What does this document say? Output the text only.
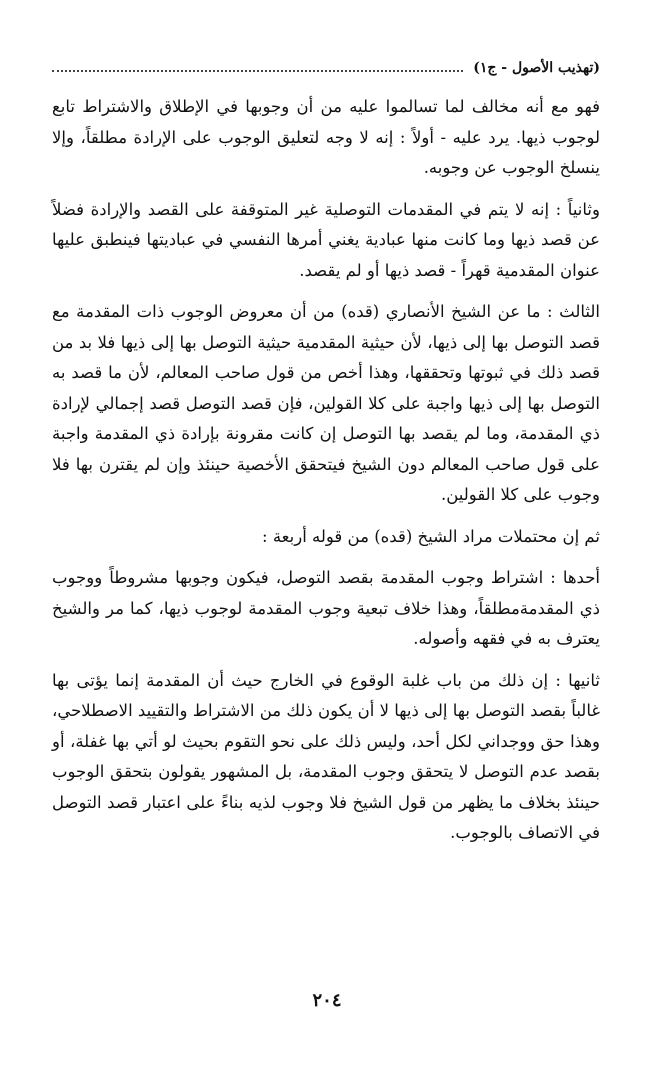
(تهذيب الأصول - ج١)

فهو مع أنه مخالف لما تسالموا عليه من أن وجوبها في الإطلاق والاشتراط تابع لوجوب ذيها. يرد عليه - أولاً : إنه لا وجه لتعليق الوجوب على الإرادة مطلقاً، وإلا ينسلخ الوجوب عن وجوبه.

وثانياً : إنه لا يتم في المقدمات التوصلية غير المتوقفة على القصد والإرادة فضلاً عن قصد ذيها وما كانت منها عبادية يغني أمرها النفسي في عباديتها فينطبق عليها عنوان المقدمية قهراً - قصد ذيها أو لم يقصد.

الثالث : ما عن الشيخ الأنصاري (قده) من أن معروض الوجوب ذات المقدمة مع قصد التوصل بها إلى ذيها، لأن حيثية المقدمية حيثية التوصل بها إلى ذيها فلا بد من قصد ذلك في ثبوتها وتحققها، وهذا أخص من قول صاحب المعالم، لأن ما قصد به التوصل بها إلى ذيها واجبة على كلا القولين، فإن قصد التوصل قصد إجمالي لإرادة ذي المقدمة، وما لم يقصد بها التوصل إن كانت مقرونة بإرادة ذي المقدمة واجبة على قول صاحب المعالم دون الشيخ فيتحقق الأخصية حينئذ وإن لم يقترن بها فلا وجوب على كلا القولين.

ثم إن محتملات مراد الشيخ (قده) من قوله أربعة :

أحدها : اشتراط وجوب المقدمة بقصد التوصل، فيكون وجوبها مشروطاً ووجوب ذي المقدمةمطلقاً، وهذا خلاف تبعية وجوب المقدمة لوجوب ذيها، كما مر والشيخ يعترف به في فقهه وأصوله.

ثانيها : إن ذلك من باب غلبة الوقوع في الخارج حيث أن المقدمة إنما يؤتى بها غالباً بقصد التوصل بها إلى ذيها لا أن يكون ذلك من الاشتراط والتقييد الاصطلاحي، وهذا حق ووجداني لكل أحد، وليس ذلك على نحو التقوم بحيث لو أتي بها غفلة، أو بقصد عدم التوصل لا يتحقق وجوب المقدمة، بل المشهور يقولون بتحقق الوجوب حينئذ بخلاف ما يظهر من قول الشيخ فلا وجوب لذيه بناءً على اعتبار قصد التوصل في الاتصاف بالوجوب.

٢٠٤
